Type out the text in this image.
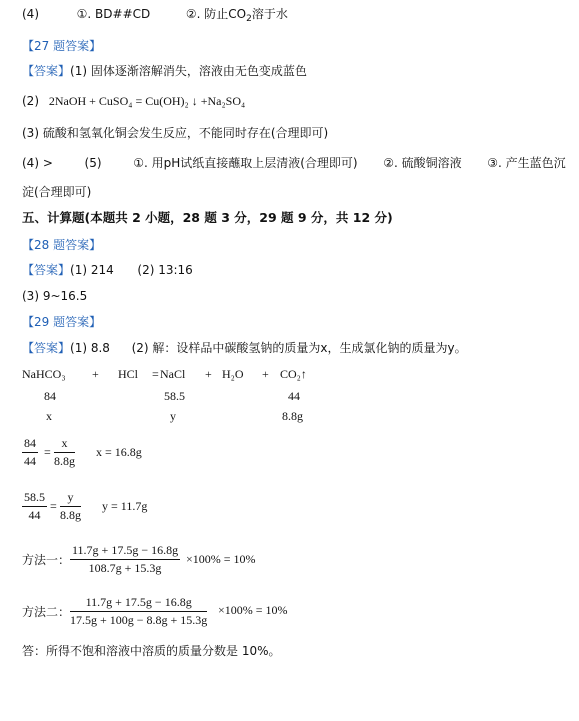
(4)	①. BD##CD	②. 防止$CO_2$溶于水
【27 题答案】
【答案】(1) 固体逐渐溶解消失，溶液由无色变成蓝色
(2) 2NaOH + CuSO₄ = Cu(OH)₂ ↓ +Na₂SO₄
(3) 硫酸和氢氧化铜会发生反应，不能同时存在(合理即可)
(4) >	(5)	①. 用pH试纸直接蘸取上层清液(合理即可) ②. 硫酸铜溶液 ③. 产生蓝色沉
淀(合理即可)
五、计算题(本题共 2 小题，28 题 3 分，29 题 9 分，共 12 分)
【28 题答案】
【答案】(1) 214 (2) 13:16
(3) 9~16.5
【29 题答案】
【答案】(1) 8.8 (2) 解：设样品中碳酸氢钠的质量为x，生成氯化钠的质量为y。
NaHCO₃ + HCl = NaCl + H₂O + CO₂↑
84	58.5	44
x	y	8.8g
$\frac{84}{44} = \frac{x}{8.8g}$ x = 16.8g
$\frac{58.5}{44} = \frac{y}{8.8g}$ y = 11.7g
方法一： $\frac{11.7g + 17.5g - 16.8g}{108.7g + 15.3g} \times 100\% = 10\%$
方法二： $\frac{11.7g + 17.5g - 16.8g}{17.5g + 100g - 8.8g + 15.3g} \times 100\% = 10\%$
答：所得不饱和溶液中溶质的质量分数是 10%。
